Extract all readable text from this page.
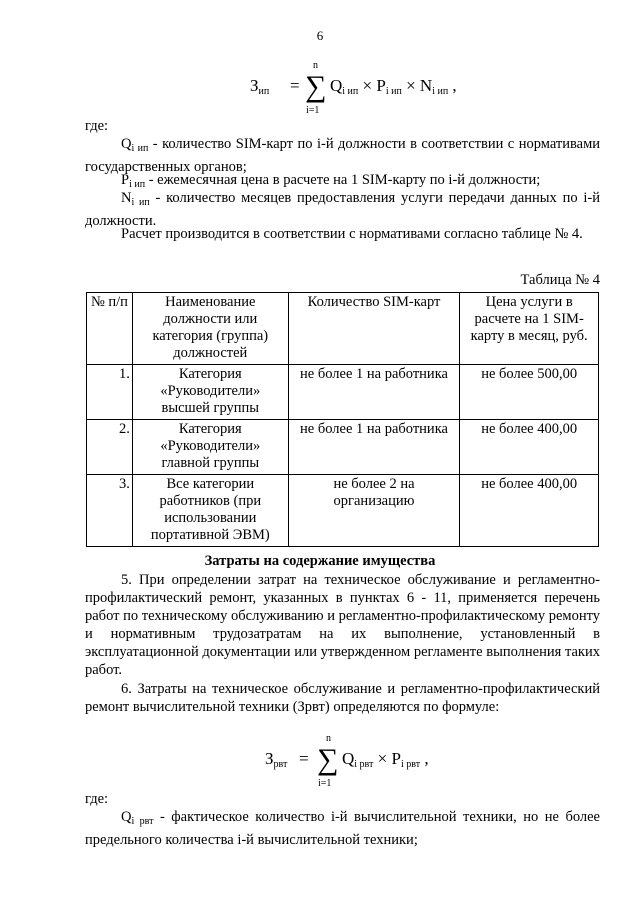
6
$З_{ип}$ =
n
∑
i=1
$Q_{i ип} \times P_{i ип} \times N_{i ип}$ ,
где:
$Q_{i ип}$ - количество SIM-карт по i-й должности в соответствии с нормативами государственных органов;
$P_{i ип}$ - ежемесячная цена в расчете на 1 SIM-карту по i-й должности;
$N_{i ип}$ - количество месяцев предоставления услуги передачи данных по i-й должности.
Расчет производится в соответствии с нормативами согласно таблице № 4.
Таблица № 4
№ п/п	Наименование должности или категория (группа) должностей	Количество SIM-карт	Цена услуги в расчете на 1 SIM-карту в месяц, руб.
1.	Категория «Руководители» высшей группы	не более 1 на работника	не более 500,00
2.	Категория «Руководители» главной группы	не более 1 на работника	не более 400,00
3.	Все категории работников (при использовании портативной ЭВМ)	не более 2 на организацию	не более 400,00
Затраты на содержание имущества
5. При определении затрат на техническое обслуживание и регламентно-профилактический ремонт, указанных в пунктах 6 - 11, применяется перечень работ по техническому обслуживанию и регламентно-профилактическому ремонту и нормативным трудозатратам на их выполнение, установленный в эксплуатационной документации или утвержденном регламенте выполнения таких работ.
6. Затраты на техническое обслуживание и регламентно-профилактический ремонт вычислительной техники (Зрвт) определяются по формуле:
$З_{рвт}$ =
n
∑
i=1
$Q_{i рвт} \times P_{i рвт}$ ,
где:
$Q_{i рвт}$ - фактическое количество i-й вычислительной техники, но не более предельного количества i-й вычислительной техники;
